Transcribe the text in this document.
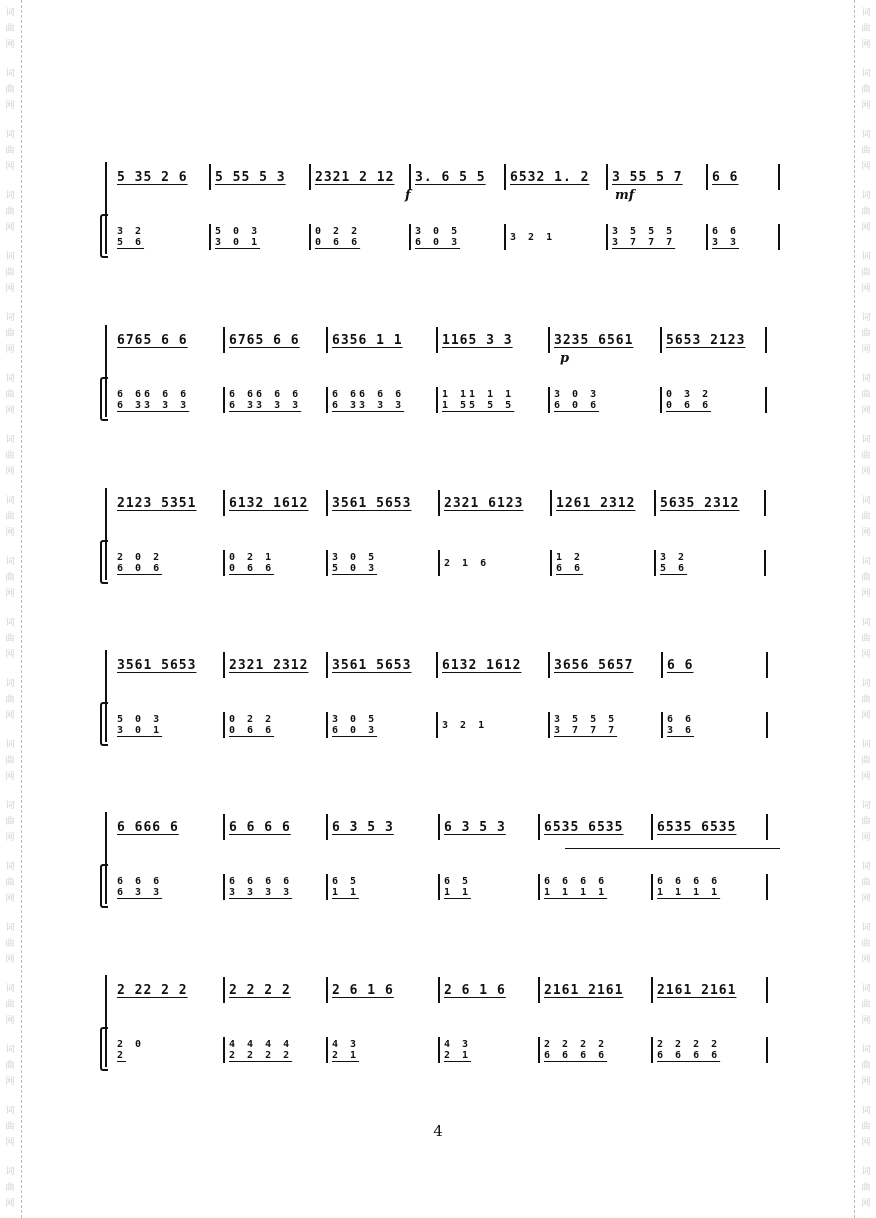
词
曲
网
词
曲
网
词
曲
网
词
曲
网
词
曲
网
词
曲
网
词
曲
网
词
曲
网
词
曲
网
词
曲
网
词
曲
网
词
曲
网
词
曲
网
词
曲
网
词
曲
网
词
曲
网
词
曲
网
词
曲
网
词
曲
网
词
曲
网
词
曲
网
词
曲
网
词
曲
网
词
曲
网
词
曲
网
词
曲
网
词
曲
网
词
曲
网
词
曲
网
词
曲
网
词
曲
网
词
曲
网
词
曲
网
词
曲
网
词
曲
网
词
曲
网
词
曲
网
词
曲
网
词
曲
网
词
曲
网
5 35 2 6 5 55 5 3 2321 2 12 3. 6 5 5 6532 1. 2 3 55 5 7 6 6
3 2
5 6
5 0 3
3 0 1
0 2 2
0 6 6
3 0 5
6 0 3	3 2 1	3 5 5 5
3 7 7 7
6 6
3 3
f	mf
6765 6 6	6765 6 6 6356 1 1	1165 3 3	3235 6561	5653 2123
6 66 6 6
6 33 3 3
6 66 6 6
6 33 3 3
6 66 6 6
6 33 3 3
1 11 1 1
1 55 5 5
3 0 3
6 0 6
0 3 2
0 6 6
p
2123 5351	6132 1612 3561 5653	2321 6123	1261 2312 5635 2312
2 0 2
6 0 6
0 2 1
0 6 6
3 0 5
5 0 3	2 1 6	1 2
6 6
3 2
5 6
3561 5653	2321 2312 3561 5653 6132 1612	3656 5657	6 6
5 0 3
3 0 1
0 2 2
0 6 6
3 0 5
6 0 3	3 2 1	3 5 5 5
3 7 7 7
6 6
3 6
6 666 6	6 6 6 6	6 3 5 3	6 3 5 3	6535 6535	6535 6535
6 6 6
6 3 3
6 6 6 6
3 3 3 3
6 5
1 1
6 5
1 1
6 6 6 6
1 1 1 1
6 6 6 6
1 1 1 1
2 22 2 2	2 2 2 2	2 6 1 6	2 6 1 6	2161 2161	2161 2161
2 0
2
4 4 4 4
2 2 2 2
4 3
2 1
4 3
2 1
2 2 2 2
6 6 6 6
2 2 2 2
6 6 6 6
4
